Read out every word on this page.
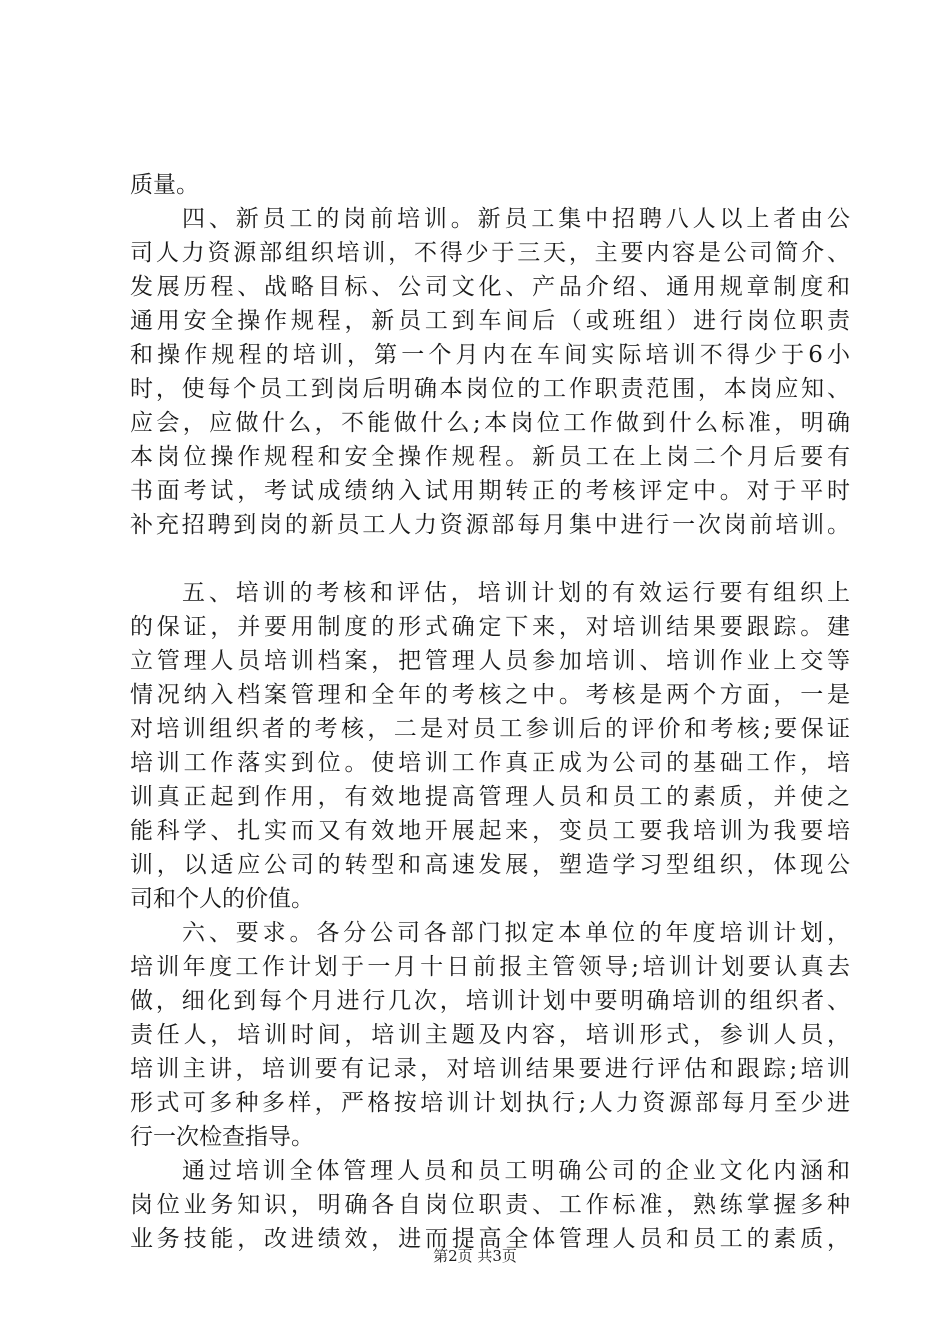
质量。
四、新员工的岗前培训。新员工集中招聘八人以上者由公
司人力资源部组织培训，不得少于三天，主要内容是公司简介、
发展历程、战略目标、公司文化、产品介绍、通用规章制度和
通用安全操作规程，新员工到车间后（或班组）进行岗位职责
和操作规程的培训，第一个月内在车间实际培训不得少于6小
时，使每个员工到岗后明确本岗位的工作职责范围，本岗应知、
应会，应做什么，不能做什么;本岗位工作做到什么标准，明确
本岗位操作规程和安全操作规程。新员工在上岗二个月后要有
书面考试，考试成绩纳入试用期转正的考核评定中。对于平时
补充招聘到岗的新员工人力资源部每月集中进行一次岗前培训。
五、培训的考核和评估，培训计划的有效运行要有组织上
的保证，并要用制度的形式确定下来，对培训结果要跟踪。建
立管理人员培训档案，把管理人员参加培训、培训作业上交等
情况纳入档案管理和全年的考核之中。考核是两个方面，一是
对培训组织者的考核，二是对员工参训后的评价和考核;要保证
培训工作落实到位。使培训工作真正成为公司的基础工作，培
训真正起到作用，有效地提高管理人员和员工的素质，并使之
能科学、扎实而又有效地开展起来，变员工要我培训为我要培
训，以适应公司的转型和高速发展，塑造学习型组织，体现公
司和个人的价值。
六、要求。各分公司各部门拟定本单位的年度培训计划，
培训年度工作计划于一月十日前报主管领导;培训计划要认真去
做，细化到每个月进行几次，培训计划中要明确培训的组织者、
责任人，培训时间，培训主题及内容，培训形式，参训人员，
培训主讲，培训要有记录，对培训结果要进行评估和跟踪;培训
形式可多种多样，严格按培训计划执行;人力资源部每月至少进
行一次检查指导。
通过培训全体管理人员和员工明确公司的企业文化内涵和
岗位业务知识，明确各自岗位职责、工作标准，熟练掌握多种
业务技能，改进绩效，进而提高全体管理人员和员工的素质，
第2页 共3页
